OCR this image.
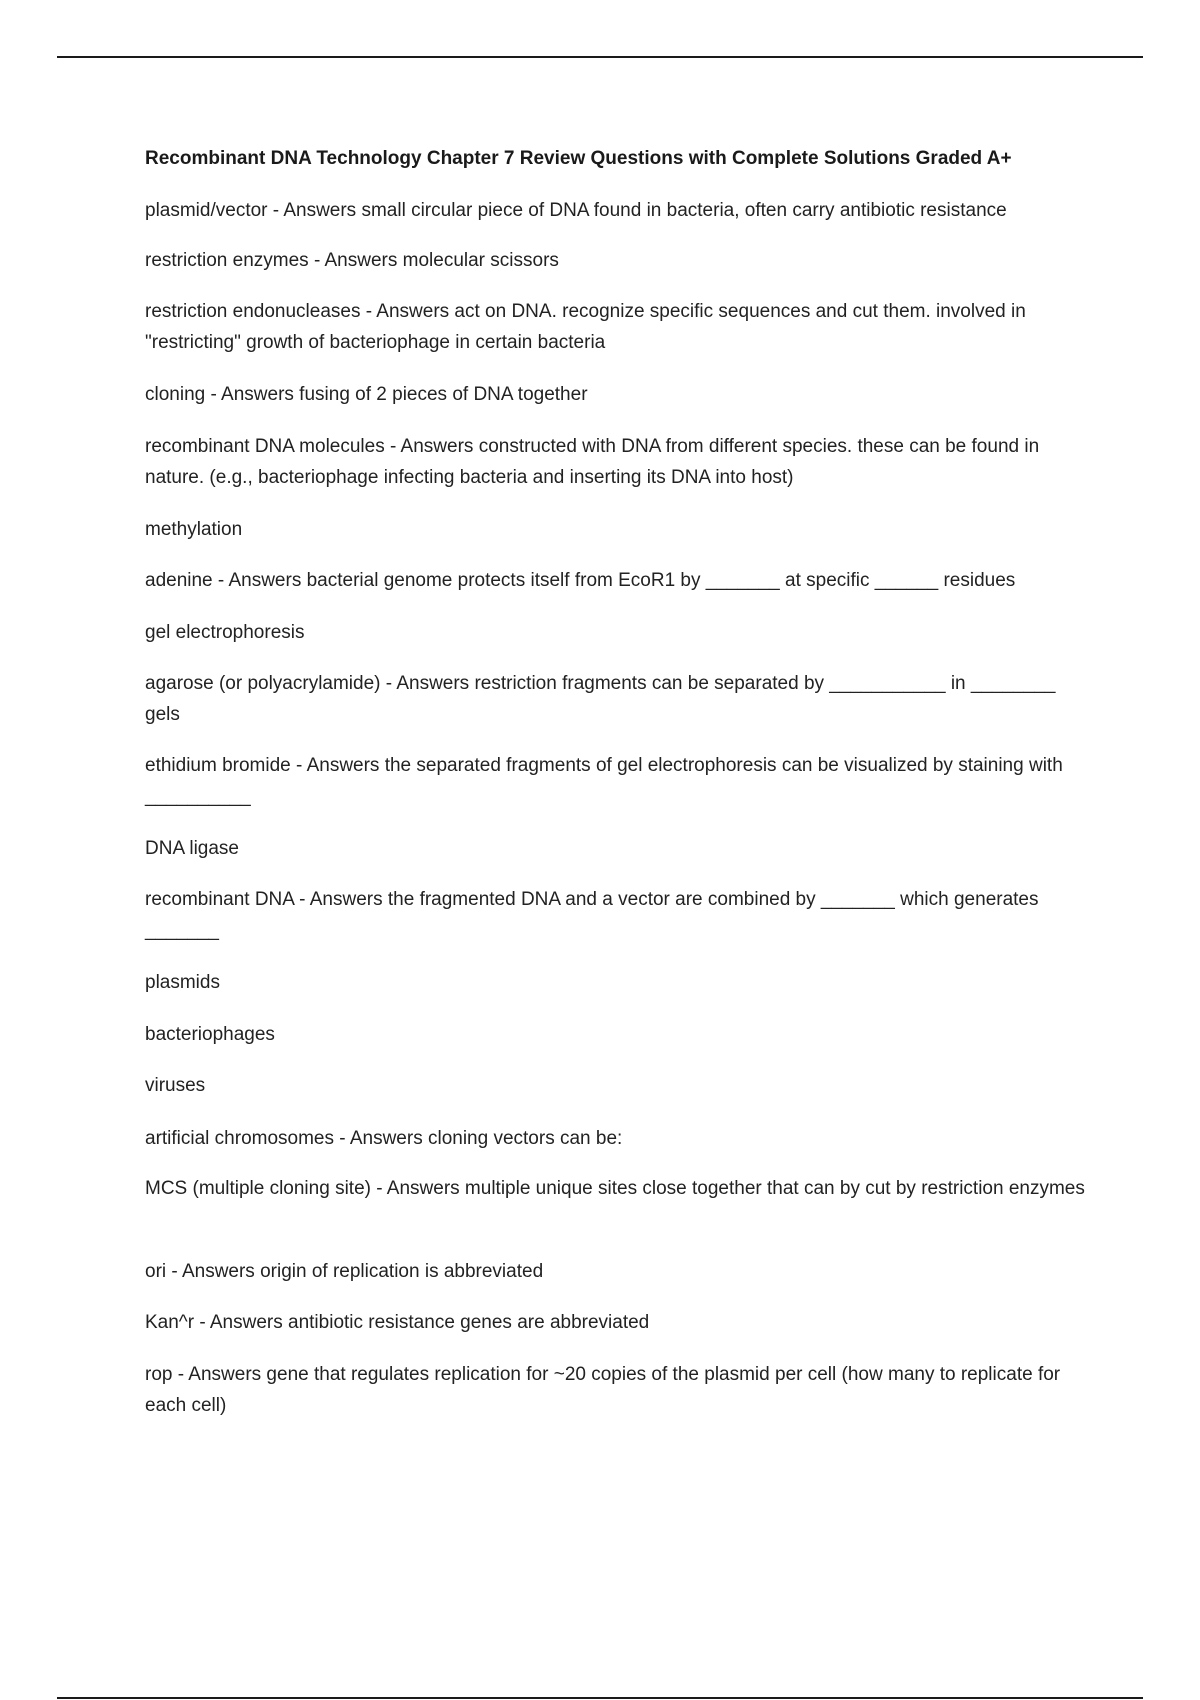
Recombinant DNA Technology Chapter 7 Review Questions with Complete Solutions Graded A+

plasmid/vector - Answers small circular piece of DNA found in bacteria, often carry antibiotic resistance

restriction enzymes - Answers molecular scissors

restriction endonucleases - Answers act on DNA. recognize specific sequences and cut them. involved in "restricting" growth of bacteriophage in certain bacteria

cloning - Answers fusing of 2 pieces of DNA together

recombinant DNA molecules - Answers constructed with DNA from different species. these can be found in nature. (e.g., bacteriophage infecting bacteria and inserting its DNA into host)

methylation

adenine - Answers bacterial genome protects itself from EcoR1 by _______ at specific ______ residues

gel electrophoresis

agarose (or polyacrylamide) - Answers restriction fragments can be separated by ___________ in ________ gels

ethidium bromide - Answers the separated fragments of gel electrophoresis can be visualized by staining with __________

DNA ligase

recombinant DNA - Answers the fragmented DNA and a vector are combined by _______ which generates _______

plasmids

bacteriophages

viruses

artificial chromosomes - Answers cloning vectors can be:

MCS (multiple cloning site) - Answers multiple unique sites close together that can by cut by restriction enzymes

ori - Answers origin of replication is abbreviated

Kan^r - Answers antibiotic resistance genes are abbreviated

rop - Answers gene that regulates replication for ~20 copies of the plasmid per cell (how many to replicate for each cell)
